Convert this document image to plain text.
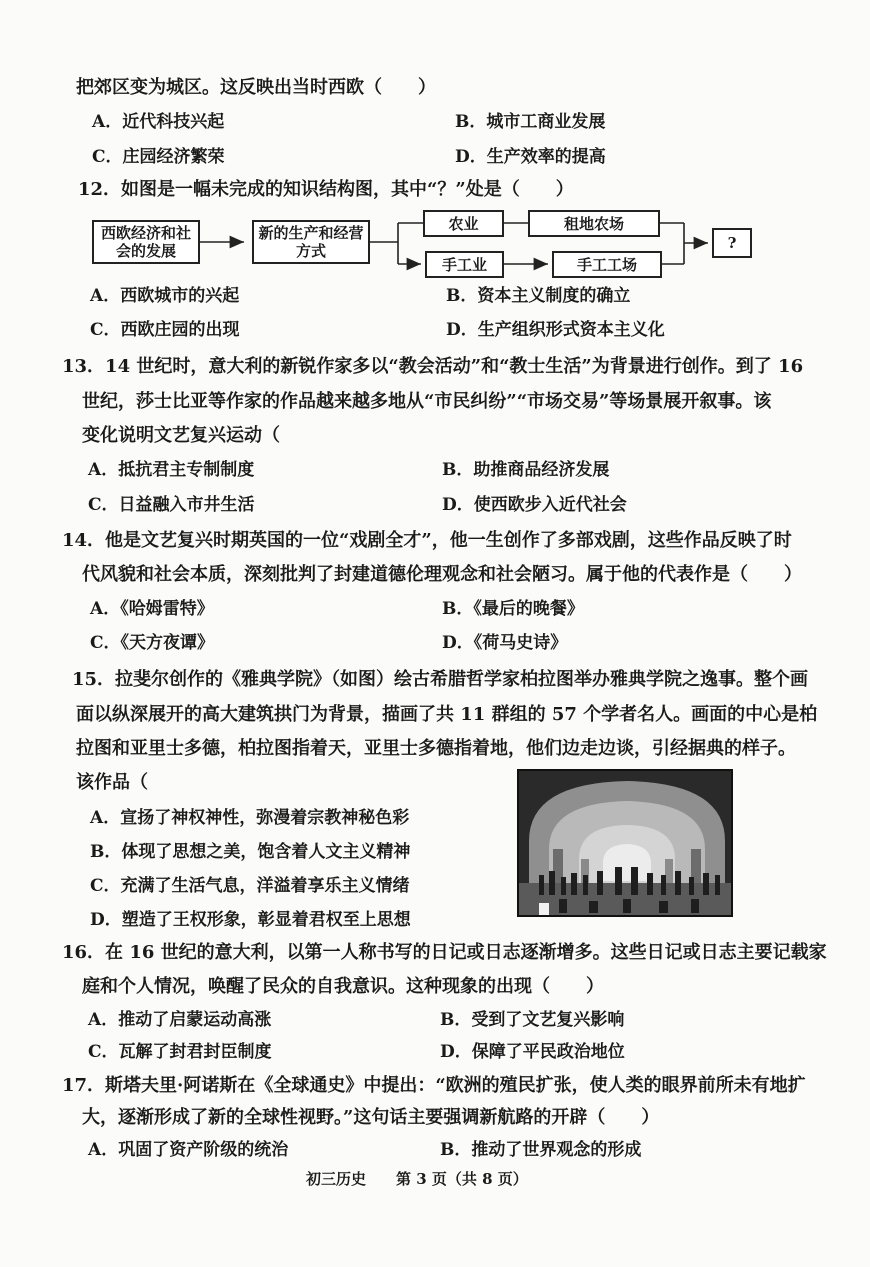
把郊区变为城区。这反映出当时西欧（　　）
A．近代科技兴起	B．城市工商业发展
C．庄园经济繁荣	D．生产效率的提高
12．如图是一幅未完成的知识结构图，其中“？”处是（　　）
西欧经济和社会的发展
新的生产和经营方式
农业
手工业
租地农场
手工工场
?
A．西欧城市的兴起	B．资本主义制度的确立
C．西欧庄园的出现	D．生产组织形式资本主义化
13．14 世纪时，意大利的新锐作家多以“教会活动”和“教士生活”为背景进行创作。到了 16
世纪，莎士比亚等作家的作品越来越多地从“市民纠纷”“市场交易”等场景展开叙事。该
变化说明文艺复兴运动（
A．抵抗君主专制制度	B．助推商品经济发展
C．日益融入市井生活	D．使西欧步入近代社会
14．他是文艺复兴时期英国的一位“戏剧全才”，他一生创作了多部戏剧，这些作品反映了时
代风貌和社会本质，深刻批判了封建道德伦理观念和社会陋习。属于他的代表作是（　　）
A．《哈姆雷特》	B．《最后的晚餐》
C．《天方夜谭》	D．《荷马史诗》
15．拉斐尔创作的《雅典学院》（如图）绘古希腊哲学家柏拉图举办雅典学院之逸事。整个画
面以纵深展开的高大建筑拱门为背景，描画了共 11 群组的 57 个学者名人。画面的中心是柏
拉图和亚里士多德，柏拉图指着天，亚里士多德指着地，他们边走边谈，引经据典的样子。
该作品（
A．宣扬了神权神性，弥漫着宗教神秘色彩
B．体现了思想之美，饱含着人文主义精神
C．充满了生活气息，洋溢着享乐主义情绪
D．塑造了王权形象，彰显着君权至上思想
16．在 16 世纪的意大利，以第一人称书写的日记或日志逐渐增多。这些日记或日志主要记载家
庭和个人情况，唤醒了民众的自我意识。这种现象的出现（　　）
A．推动了启蒙运动高涨	B．受到了文艺复兴影响
C．瓦解了封君封臣制度	D．保障了平民政治地位
17．斯塔夫里·阿诺斯在《全球通史》中提出：“欧洲的殖民扩张，使人类的眼界前所未有地扩
大，逐渐形成了新的全球性视野。”这句话主要强调新航路的开辟（　　）
A．巩固了资产阶级的统治	B．推动了世界观念的形成
初三历史　　第 3 页（共 8 页）
